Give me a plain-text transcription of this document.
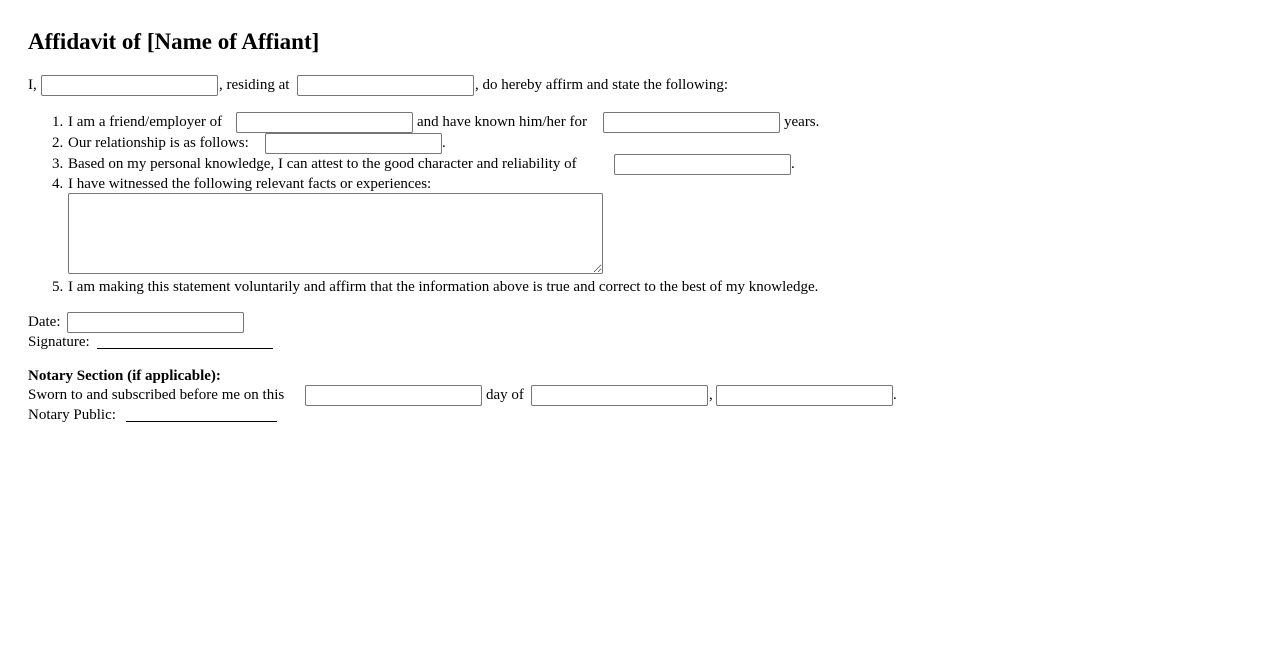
Affidavit of [Name of Affiant]
I,	, residing at	, do hereby affirm and state the following:
1. I am a friend/employer of	and have known him/her for	years.
2. Our relationship is as follows:	.
3. Based on my personal knowledge, I can attest to the good character and reliability of	.
4. I have witnessed the following relevant facts or experiences:
5. I am making this statement voluntarily and affirm that the information above is true and correct to the best of my knowledge.
Date:
Signature:
Notary Section (if applicable):
Sworn to and subscribed before me on this	day of	,	.
Notary Public:
